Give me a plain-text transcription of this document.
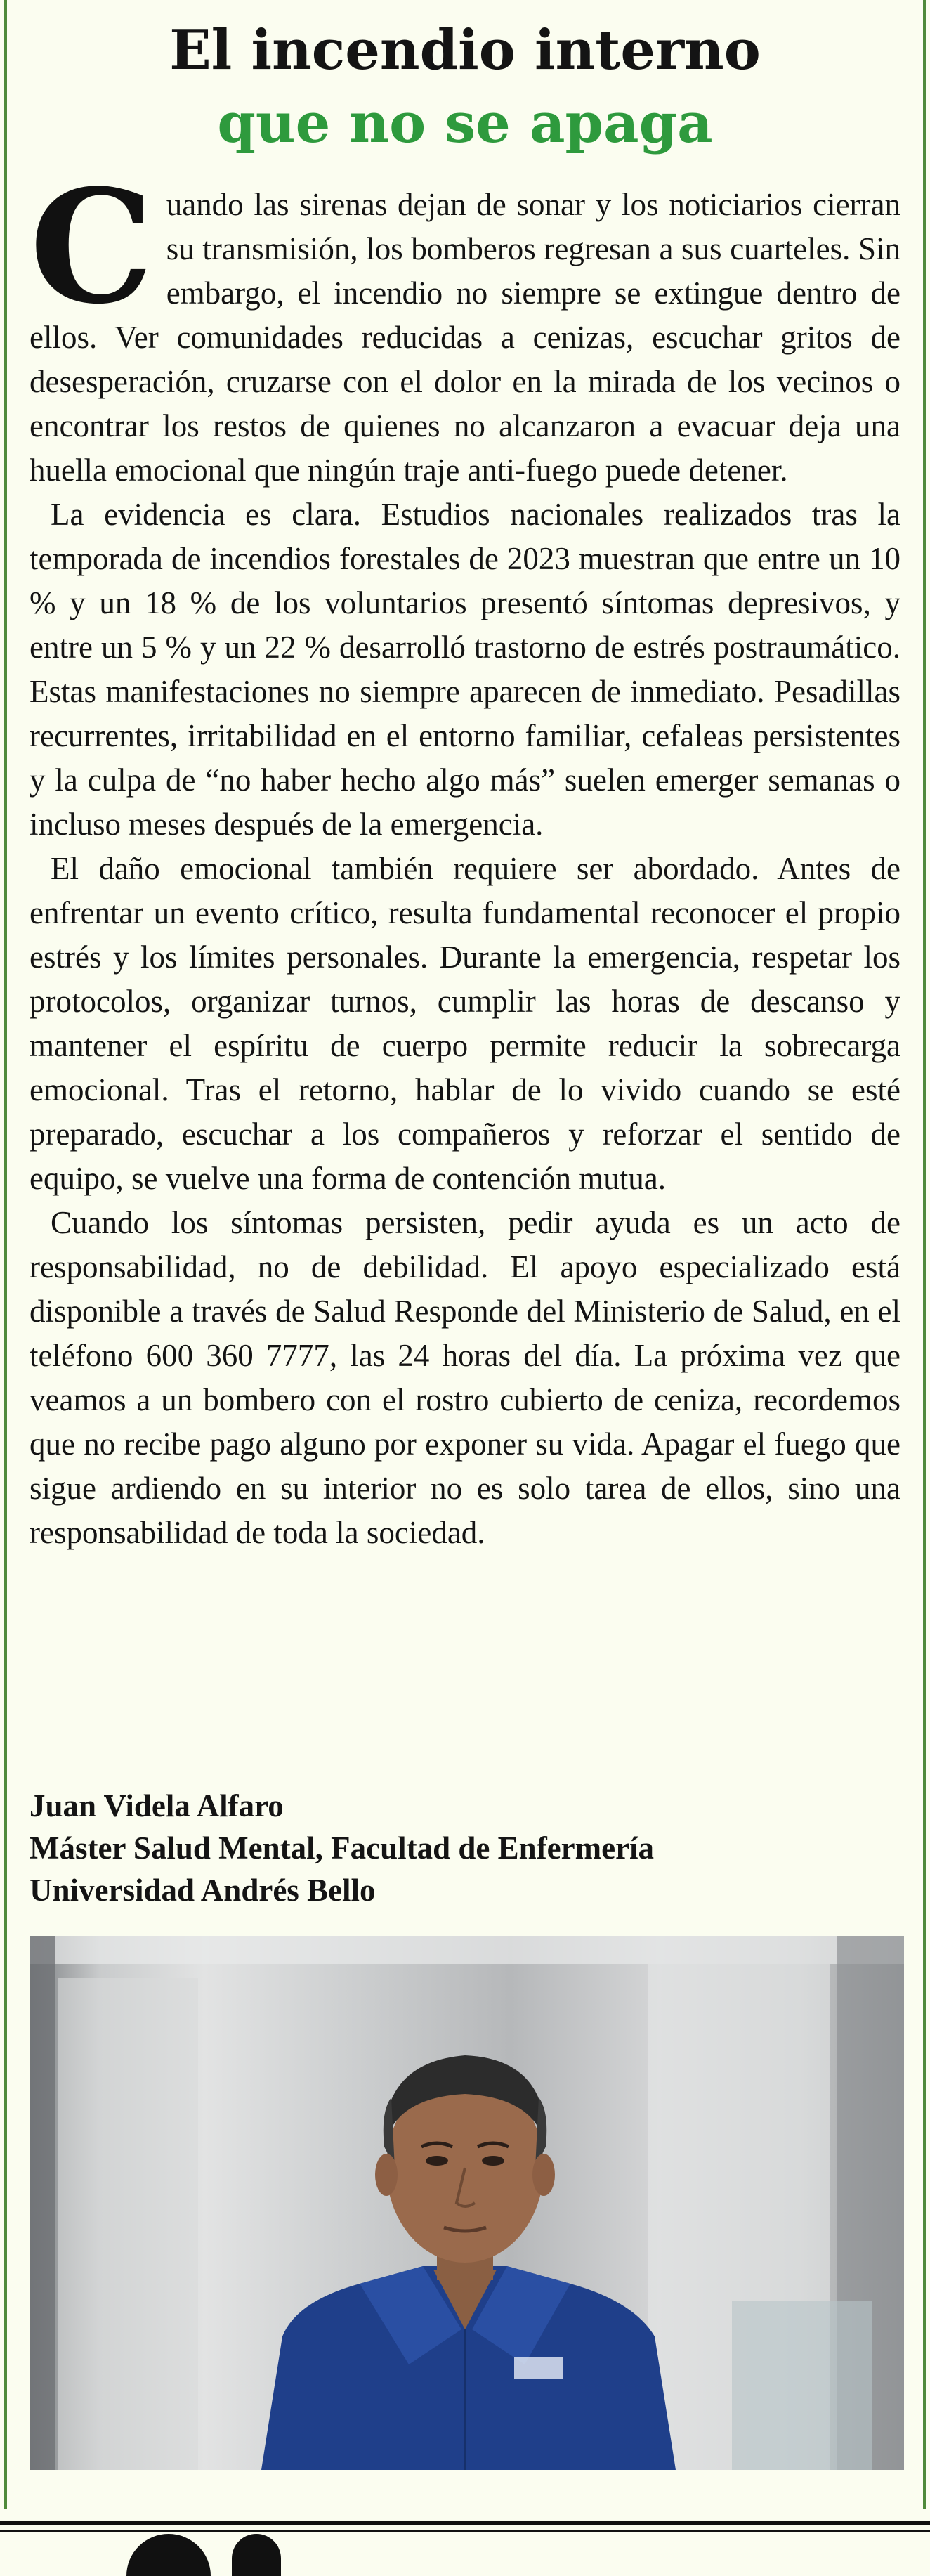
El incendio interno
que no se apaga

Cuando las sirenas dejan de sonar y los noticiarios cierran su transmisión, los bomberos regresan a sus cuarteles. Sin embargo, el incendio no siempre se extingue dentro de ellos. Ver comunidades reducidas a cenizas, escuchar gritos de desesperación, cruzarse con el dolor en la mirada de los vecinos o encontrar los restos de quienes no alcanzaron a evacuar deja una huella emocional que ningún traje anti-fuego puede detener.

La evidencia es clara. Estudios nacionales realizados tras la temporada de incendios forestales de 2023 muestran que entre un 10 % y un 18 % de los voluntarios presentó síntomas depresivos, y entre un 5 % y un 22 % desarrolló trastorno de estrés postraumático. Estas manifestaciones no siempre aparecen de inmediato. Pesadillas recurrentes, irritabilidad en el entorno familiar, cefaleas persistentes y la culpa de “no haber hecho algo más” suelen emerger semanas o incluso meses después de la emergencia.

El daño emocional también requiere ser abordado. Antes de enfrentar un evento crítico, resulta fundamental reconocer el propio estrés y los límites personales. Durante la emergencia, respetar los protocolos, organizar turnos, cumplir las horas de descanso y mantener el espíritu de cuerpo permite reducir la sobrecarga emocional. Tras el retorno, hablar de lo vivido cuando se esté preparado, escuchar a los compañeros y reforzar el sentido de equipo, se vuelve una forma de contención mutua.

Cuando los síntomas persisten, pedir ayuda es un acto de responsabilidad, no de debilidad. El apoyo especializado está disponible a través de Salud Responde del Ministerio de Salud, en el teléfono 600 360 7777, las 24 horas del día. La próxima vez que veamos a un bombero con el rostro cubierto de ceniza, recordemos que no recibe pago alguno por exponer su vida. Apagar el fuego que sigue ardiendo en su interior no es solo tarea de ellos, sino una responsabilidad de toda la sociedad.

Juan Videla Alfaro
Máster Salud Mental, Facultad de Enfermería
Universidad Andrés Bello
